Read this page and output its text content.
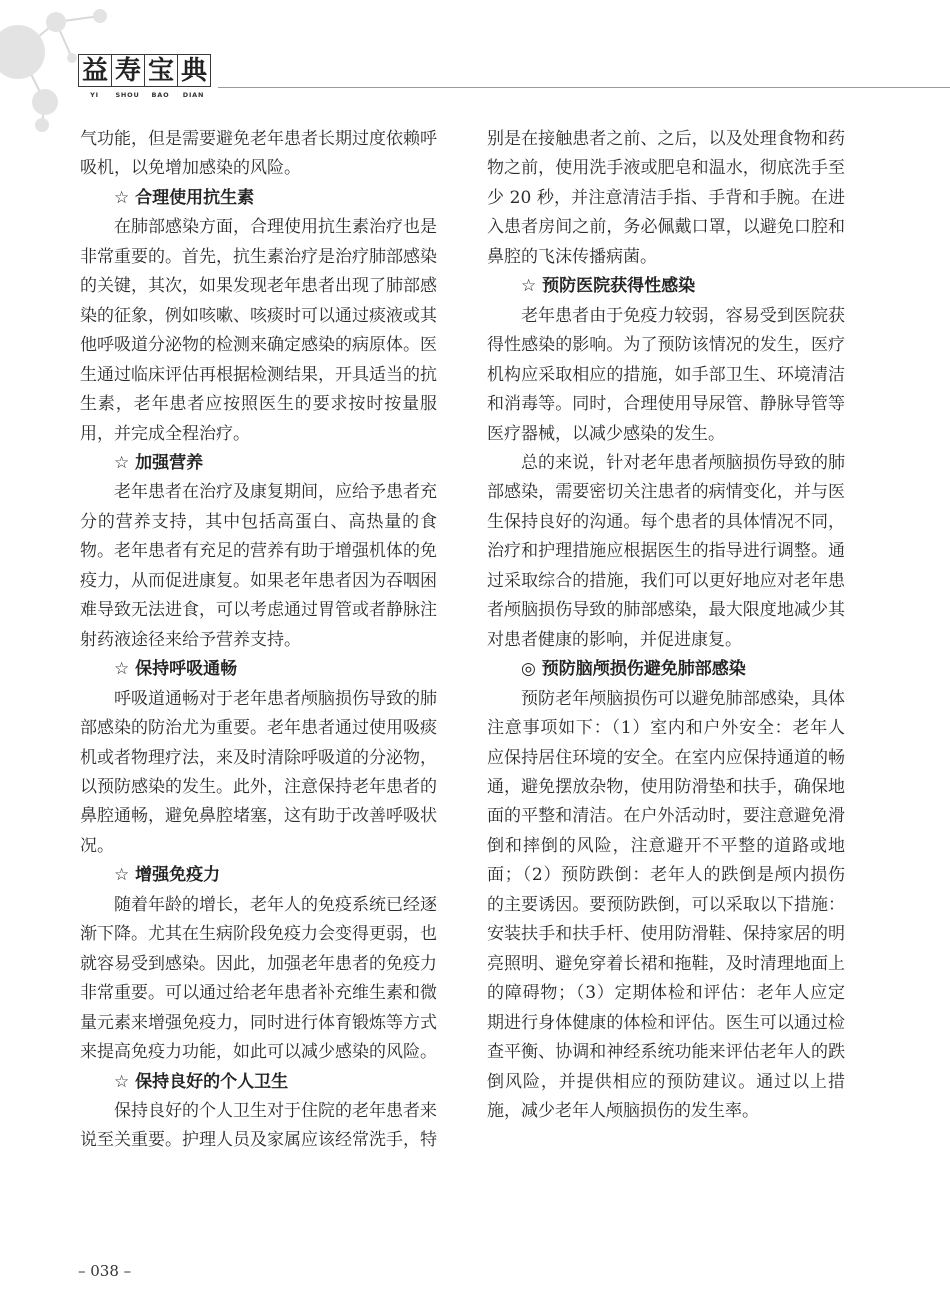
益 寿 宝 典
YI	SHOU	BAO	DIAN

气功能，但是需要避免老年患者长期过度依赖呼吸机，以免增加感染的风险。

☆ 合理使用抗生素

在肺部感染方面，合理使用抗生素治疗也是非常重要的。首先，抗生素治疗是治疗肺部感染的关键，其次，如果发现老年患者出现了肺部感染的征象，例如咳嗽、咳痰时可以通过痰液或其他呼吸道分泌物的检测来确定感染的病原体。医生通过临床评估再根据检测结果，开具适当的抗生素，老年患者应按照医生的要求按时按量服用，并完成全程治疗。

☆ 加强营养

老年患者在治疗及康复期间，应给予患者充分的营养支持，其中包括高蛋白、高热量的食物。老年患者有充足的营养有助于增强机体的免疫力，从而促进康复。如果老年患者因为吞咽困难导致无法进食，可以考虑通过胃管或者静脉注射药液途径来给予营养支持。

☆ 保持呼吸通畅

呼吸道通畅对于老年患者颅脑损伤导致的肺部感染的防治尤为重要。老年患者通过使用吸痰机或者物理疗法，来及时清除呼吸道的分泌物，以预防感染的发生。此外，注意保持老年患者的鼻腔通畅，避免鼻腔堵塞，这有助于改善呼吸状况。

☆ 增强免疫力

随着年龄的增长，老年人的免疫系统已经逐渐下降。尤其在生病阶段免疫力会变得更弱，也就容易受到感染。因此，加强老年患者的免疫力非常重要。可以通过给老年患者补充维生素和微量元素来增强免疫力，同时进行体育锻炼等方式来提高免疫力功能，如此可以减少感染的风险。

☆ 保持良好的个人卫生

保持良好的个人卫生对于住院的老年患者来说至关重要。护理人员及家属应该经常洗手，特

别是在接触患者之前、之后，以及处理食物和药物之前，使用洗手液或肥皂和温水，彻底洗手至少 20 秒，并注意清洁手指、手背和手腕。在进入患者房间之前，务必佩戴口罩，以避免口腔和鼻腔的飞沫传播病菌。

☆ 预防医院获得性感染

老年患者由于免疫力较弱，容易受到医院获得性感染的影响。为了预防该情况的发生，医疗机构应采取相应的措施，如手部卫生、环境清洁和消毒等。同时，合理使用导尿管、静脉导管等医疗器械，以减少感染的发生。

总的来说，针对老年患者颅脑损伤导致的肺部感染，需要密切关注患者的病情变化，并与医生保持良好的沟通。每个患者的具体情况不同，治疗和护理措施应根据医生的指导进行调整。通过采取综合的措施，我们可以更好地应对老年患者颅脑损伤导致的肺部感染，最大限度地减少其对患者健康的影响，并促进康复。

◎ 预防脑颅损伤避免肺部感染

预防老年颅脑损伤可以避免肺部感染，具体注意事项如下：（1）室内和户外安全：老年人应保持居住环境的安全。在室内应保持通道的畅通，避免摆放杂物，使用防滑垫和扶手，确保地面的平整和清洁。在户外活动时，要注意避免滑倒和摔倒的风险，注意避开不平整的道路或地面；（2）预防跌倒：老年人的跌倒是颅内损伤的主要诱因。要预防跌倒，可以采取以下措施：安装扶手和扶手杆、使用防滑鞋、保持家居的明亮照明、避免穿着长裙和拖鞋，及时清理地面上的障碍物；（3）定期体检和评估：老年人应定期进行身体健康的体检和评估。医生可以通过检查平衡、协调和神经系统功能来评估老年人的跌倒风险，并提供相应的预防建议。通过以上措施，减少老年人颅脑损伤的发生率。

– 038 –
